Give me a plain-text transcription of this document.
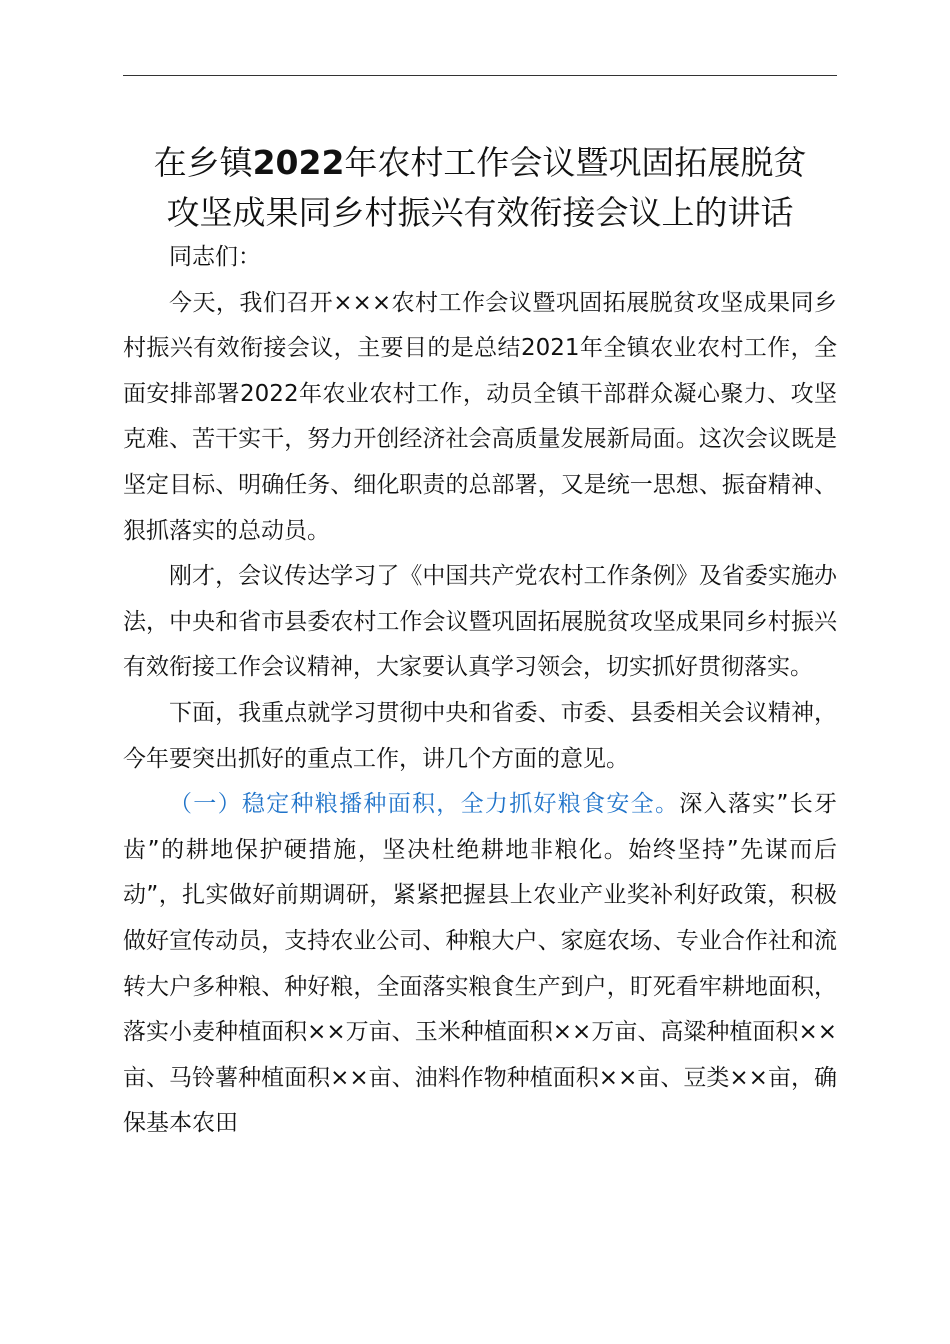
在乡镇2022年农村工作会议暨巩固拓展脱贫
攻坚成果同乡村振兴有效衔接会议上的讲话

同志们：

今天，我们召开×××农村工作会议暨巩固拓展脱贫攻坚成果同乡村振兴有效衔接会议，主要目的是总结2021年全镇农业农村工作，全面安排部署2022年农业农村工作，动员全镇干部群众凝心聚力、攻坚克难、苦干实干，努力开创经济社会高质量发展新局面。这次会议既是坚定目标、明确任务、细化职责的总部署，又是统一思想、振奋精神、狠抓落实的总动员。

刚才，会议传达学习了《中国共产党农村工作条例》及省委实施办法，中央和省市县委农村工作会议暨巩固拓展脱贫攻坚成果同乡村振兴有效衔接工作会议精神，大家要认真学习领会，切实抓好贯彻落实。

下面，我重点就学习贯彻中央和省委、市委、县委相关会议精神，今年要突出抓好的重点工作，讲几个方面的意见。

（一）稳定种粮播种面积，全力抓好粮食安全。深入落实”长牙齿”的耕地保护硬措施，坚决杜绝耕地非粮化。始终坚持”先谋而后动”，扎实做好前期调研，紧紧把握县上农业产业奖补利好政策，积极做好宣传动员，支持农业公司、种粮大户、家庭农场、专业合作社和流转大户多种粮、种好粮，全面落实粮食生产到户，盯死看牢耕地面积，落实小麦种植面积××万亩、玉米种植面积××万亩、高粱种植面积××亩、马铃薯种植面积××亩、油料作物种植面积××亩、豆类××亩，确保基本农田
